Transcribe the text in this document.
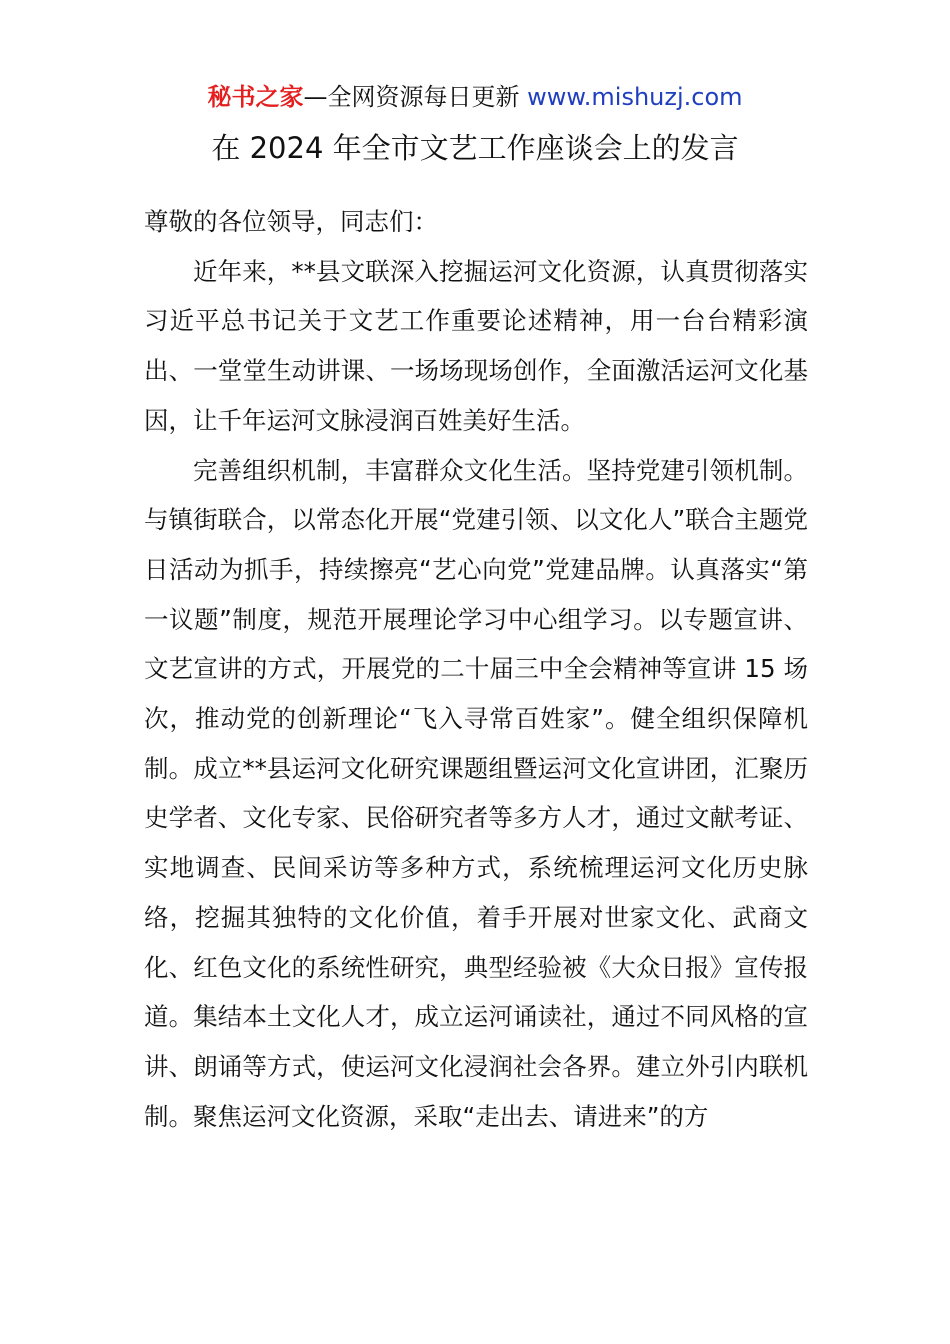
秘书之家—全网资源每日更新 www.mishuzj.com
在 2024 年全市文艺工作座谈会上的发言

尊敬的各位领导，同志们：

近年来，**县文联深入挖掘运河文化资源，认真贯彻落实习近平总书记关于文艺工作重要论述精神，用一台台精彩演出、一堂堂生动讲课、一场场现场创作，全面激活运河文化基因，让千年运河文脉浸润百姓美好生活。

完善组织机制，丰富群众文化生活。坚持党建引领机制。与镇街联合，以常态化开展“党建引领、以文化人”联合主题党日活动为抓手，持续擦亮“艺心向党”党建品牌。认真落实“第一议题”制度，规范开展理论学习中心组学习。以专题宣讲、文艺宣讲的方式，开展党的二十届三中全会精神等宣讲 15 场次，推动党的创新理论“飞入寻常百姓家”。健全组织保障机制。成立**县运河文化研究课题组暨运河文化宣讲团，汇聚历史学者、文化专家、民俗研究者等多方人才，通过文献考证、实地调查、民间采访等多种方式，系统梳理运河文化历史脉络，挖掘其独特的文化价值，着手开展对世家文化、武商文化、红色文化的系统性研究，典型经验被《大众日报》宣传报道。集结本土文化人才，成立运河诵读社，通过不同风格的宣讲、朗诵等方式，使运河文化浸润社会各界。建立外引内联机制。聚焦运河文化资源，采取“走出去、请进来”的方
